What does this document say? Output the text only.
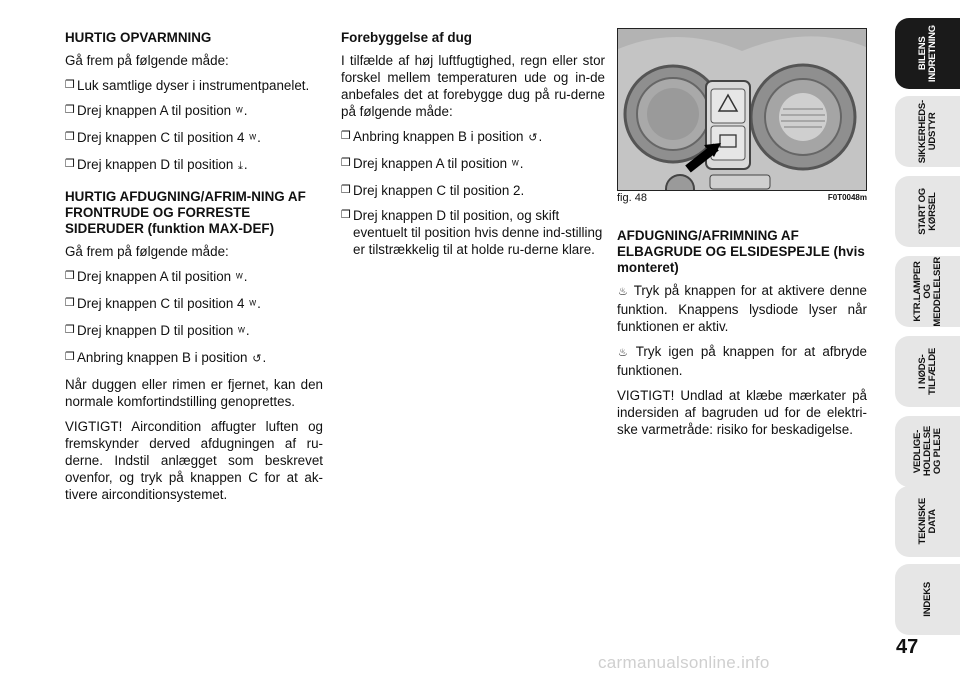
HURTIG OPVARMNING

Gå frem på følgende måde:

❒ Luk samtlige dyser i instrumentpanelet.
❒ Drej knappen A til position ᵂ.
❒ Drej knappen C til position 4 ᵂ.
❒ Drej knappen D til position ⤓.
HURTIG AFDUGNING/AFRIM-NING AF FRONTRUDE OG FORRESTE SIDERUDER (funktion MAX-DEF)

Gå frem på følgende måde:

❒ Drej knappen A til position ᵂ.
❒ Drej knappen C til position 4 ᵂ.
❒ Drej knappen D til position ᵂ.
❒ Anbring knappen B i position ↺.

Når duggen eller rimen er fjernet, kan den normale komfortindstilling genoprettes.

VIGTIGT! Aircondition affugter luften og fremskynder derved afdugningen af ru-derne. Indstil anlægget som beskrevet ovenfor, og tryk på knappen C for at ak-tivere airconditionsystemet.

Forebyggelse af dug

I tilfælde af høj luftfugtighed, regn eller stor forskel mellem temperaturen ude og in-de anbefales det at forebygge dug på ru-derne på følgende måde:

❒ Anbring knappen B i position ↺.
❒ Drej knappen A til position ᵂ.
❒ Drej knappen C til position 2.
❒ Drej knappen D til position, og skift eventuelt til position hvis denne ind-stilling er tilstrækkelig til at holde ru-derne klare.
fig. 48	F0T0048m
AFDUGNING/AFRIMNING AF ELBAGRUDE OG ELSIDESPEJLE (hvis monteret)

♨ Tryk på knappen for at aktivere denne funktion. Knappens lysdiode lyser når funktionen er aktiv.

♨ Tryk igen på knappen for at afbryde funktionen.

VIGTIGT! Undlad at klæbe mærkater på indersiden af bagruden ud for de elektri-ske varmetråde: risiko for beskadigelse.

BILENS
INDRETNING
SIKKERHEDS-
UDSTYR
START OG
KØRSEL
KTR.LAMPER
OG
MEDDELELSER
I NØDS-
TILFÆLDE
VEDLIGE-
HOLDELSE
OG PLEJE
TEKNISKE
DATA
INDEKS
47
carmanualsonline.info
